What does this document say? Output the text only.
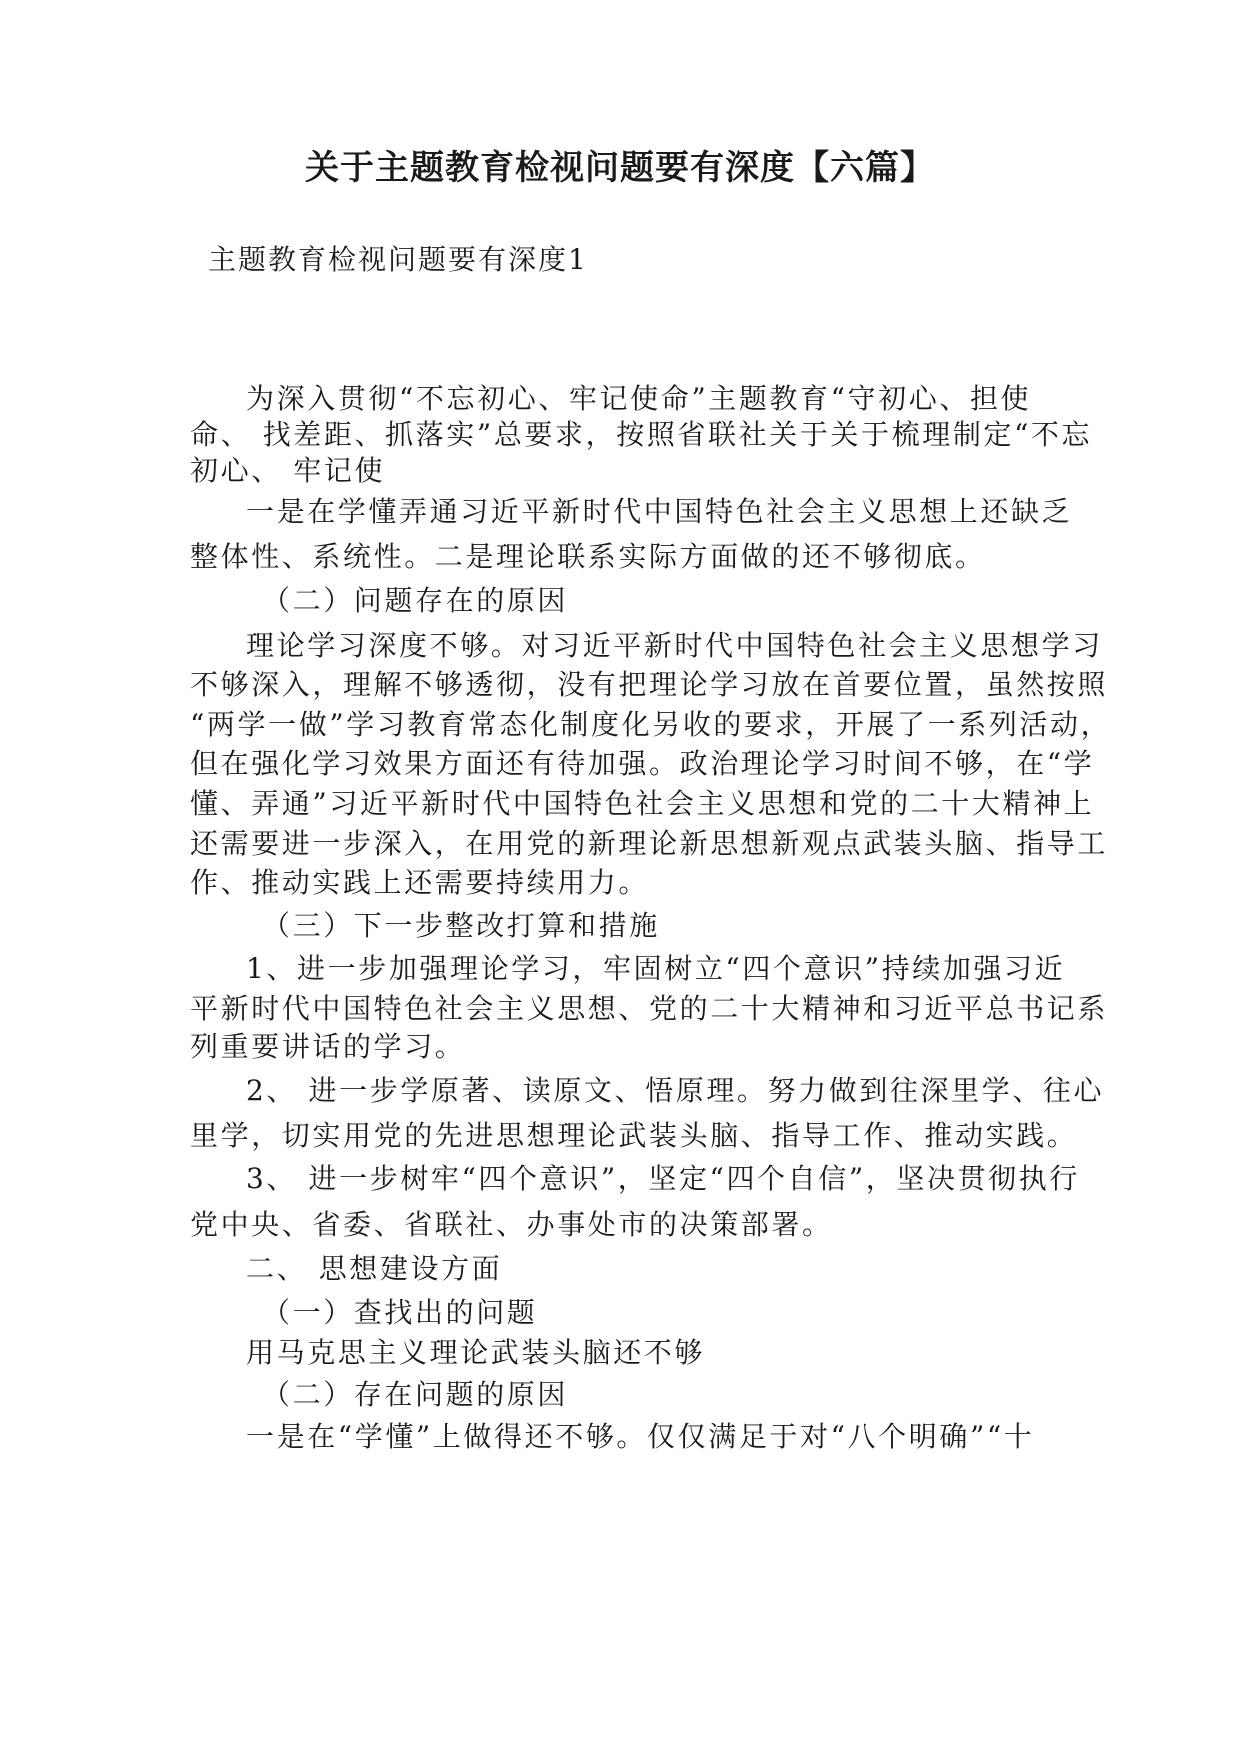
关于主题教育检视问题要有深度【六篇】
主题教育检视问题要有深度1
为深入贯彻“不忘初心、牢记使命”主题教育“守初心、担使
命、 找差距、抓落实”总要求，按照省联社关于关于梳理制定“不忘
初心、 牢记使
一是在学懂弄通习近平新时代中国特色社会主义思想上还缺乏
整体性、系统性。二是理论联系实际方面做的还不够彻底。
（二）问题存在的原因
理论学习深度不够。对习近平新时代中国特色社会主义思想学习
不够深入，理解不够透彻，没有把理论学习放在首要位置，虽然按照
“两学一做”学习教育常态化制度化另收的要求，开展了一系列活动，
但在强化学习效果方面还有待加强。政治理论学习时间不够，在“学
懂、弄通”习近平新时代中国特色社会主义思想和党的二十大精神上
还需要进一步深入，在用党的新理论新思想新观点武装头脑、指导工
作、推动实践上还需要持续用力。
（三）下一步整改打算和措施
1、进一步加强理论学习，牢固树立“四个意识”持续加强习近
平新时代中国特色社会主义思想、党的二十大精神和习近平总书记系
列重要讲话的学习。
2、 进一步学原著、读原文、悟原理。努力做到往深里学、往心
里学，切实用党的先进思想理论武装头脑、指导工作、推动实践。
3、 进一步树牢“四个意识”，坚定“四个自信”，坚决贯彻执行
党中央、省委、省联社、办事处市的决策部署。
二、 思想建设方面
（一）查找出的问题
用马克思主义理论武装头脑还不够
（二）存在问题的原因
一是在“学懂”上做得还不够。仅仅满足于对“八个明确”“十
